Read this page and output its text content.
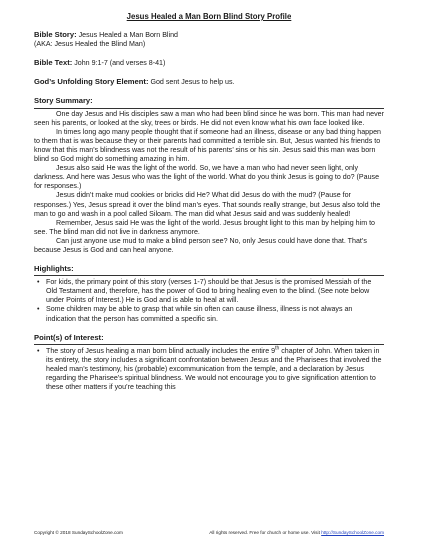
Jesus Healed a Man Born Blind Story Profile
Bible Story: Jesus Healed a Man Born Blind
(AKA: Jesus Healed the Blind Man)
Bible Text: John 9:1-7 (and verses 8-41)
God’s Unfolding Story Element: God sent Jesus to help us.
Story Summary:

One day Jesus and His disciples saw a man who had been blind since he was born. This man had never seen his parents, or looked at the sky, trees or birds. He did not even know what his own face looked like.

In times long ago many people thought that if someone had an illness, disease or any bad thing happen to them that is was because they or their parents had committed a terrible sin. But, Jesus wanted his friends to know that this man’s blindness was not the result of his parents’ sins or his sin. Jesus said this man was born blind so God might do something amazing in him.

Jesus also said He was the light of the world. So, we have a man who had never seen light, only darkness. And here was Jesus who was the light of the world. What do you think Jesus is going to do? (Pause for responses.)

Jesus didn’t make mud cookies or bricks did He? What did Jesus do with the mud? (Pause for responses.) Yes, Jesus spread it over the blind man’s eyes. That sounds really strange, but Jesus also told the man to go and wash in a pool called Siloam. The man did what Jesus said and was suddenly healed!

Remember, Jesus said He was the light of the world. Jesus brought light to this man by helping him to see. The blind man did not live in darkness anymore.

Can just anyone use mud to make a blind person see? No, only Jesus could have done that. That’s because Jesus is God and can heal anyone.

Highlights:
• For kids, the primary point of this story (verses 1-7) should be that Jesus is the promised Messiah of the Old Testament and, therefore, has the power of God to bring healing even to the blind. (See note below under Points of Interest.) He is God and is able to heal at will.
• Some children may be able to grasp that while sin often can cause illness, illness is not always an indication that the person has committed a specific sin.
Point(s) of Interest:
• The story of Jesus healing a man born blind actually includes the entire 9th chapter of John. When taken in its entirety, the story includes a significant confrontation between Jesus and the Pharisees that involved the healed man’s testimony, his (probable) excommunication from the temple, and a declaration by Jesus regarding the Pharisee’s spiritual blindness. We would not encourage you to give signification attention to these other matters if you’re teaching this
Copyright © 2018 SundaySchoolZone.com	All rights reserved. Free for church or home use. Visit http://SundaySchoolZone.com
